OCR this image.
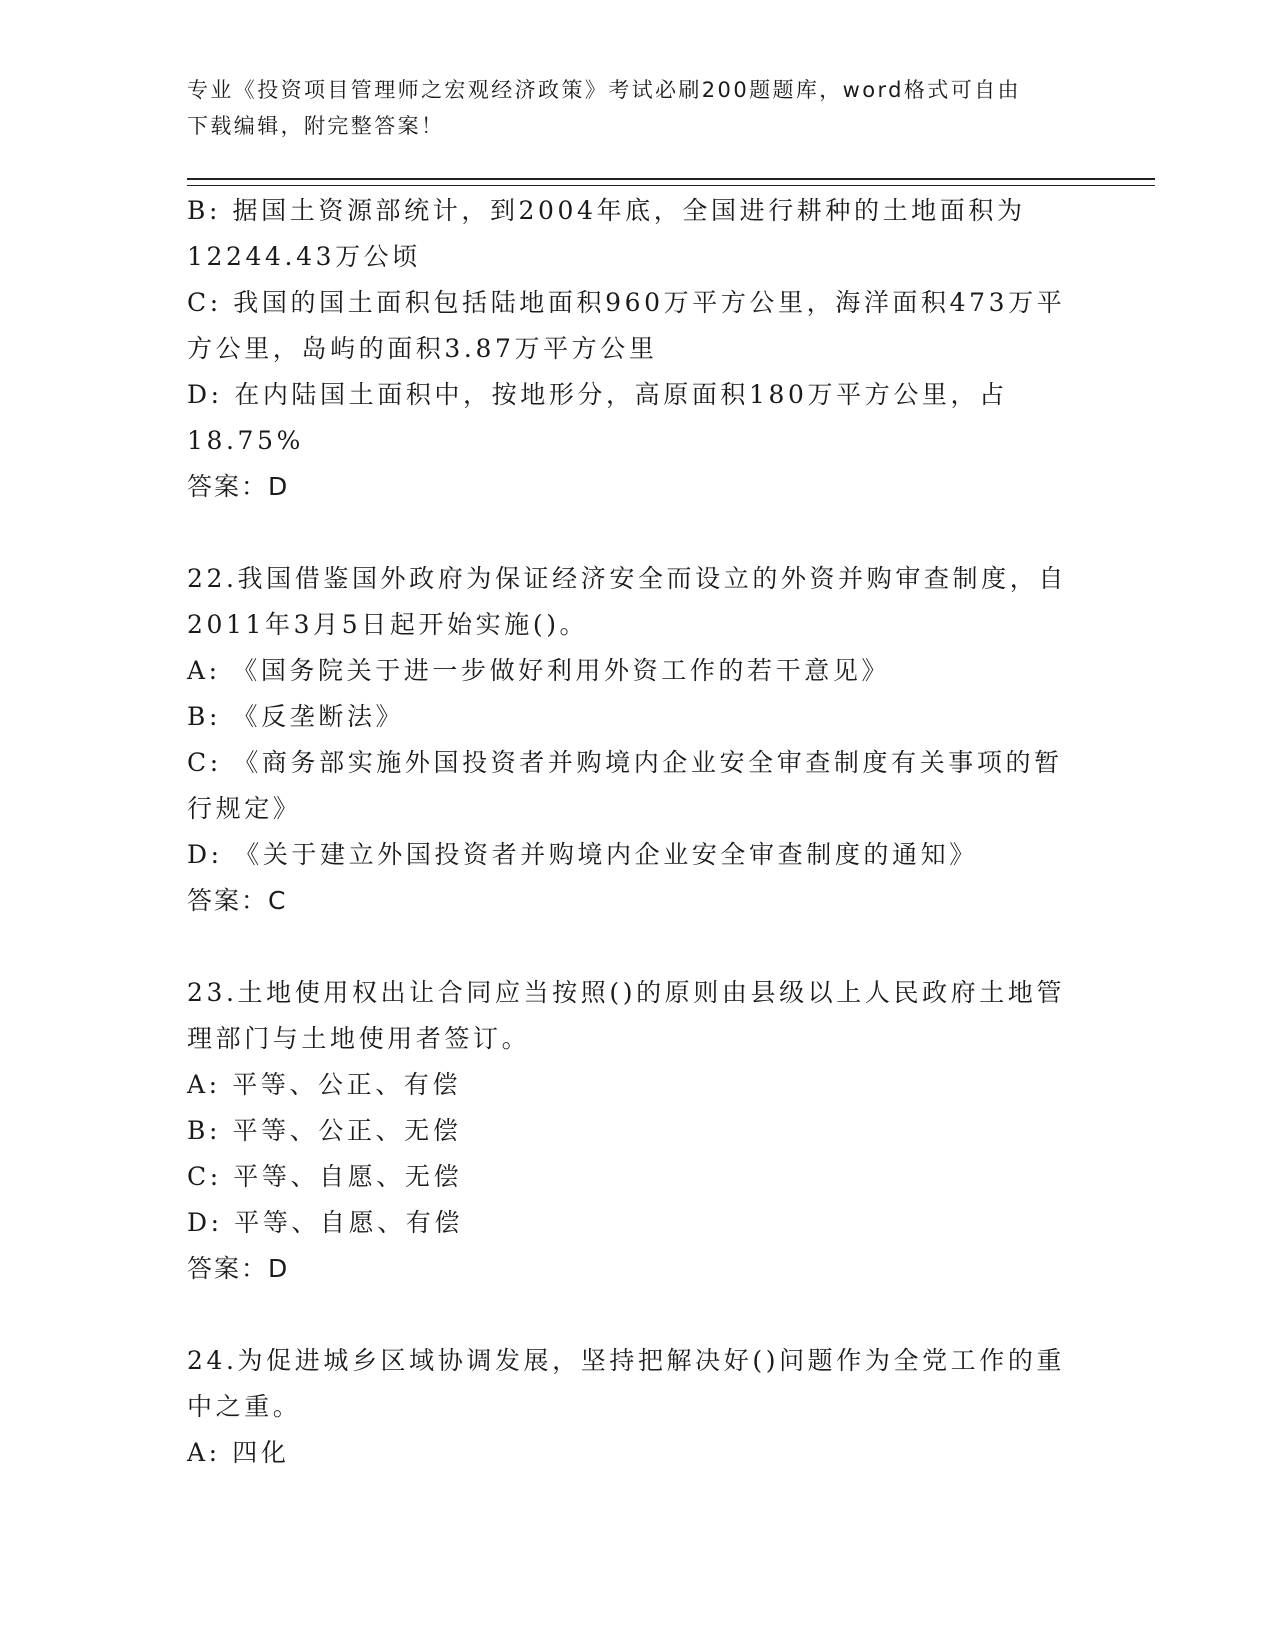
专业《投资项目管理师之宏观经济政策》考试必刷200题题库，word格式可自由
下载编辑，附完整答案！
B: 据国土资源部统计，到2004年底，全国进行耕种的土地面积为
12244.43万公顷
C: 我国的国土面积包括陆地面积960万平方公里，海洋面积473万平
方公里，岛屿的面积3.87万平方公里
D: 在内陆国土面积中，按地形分，高原面积180万平方公里，占
18.75%
答案：D
22.我国借鉴国外政府为保证经济安全而设立的外资并购审查制度，自
2011年3月5日起开始实施()。
A: 《国务院关于进一步做好利用外资工作的若干意见》
B: 《反垄断法》
C: 《商务部实施外国投资者并购境内企业安全审查制度有关事项的暂
行规定》
D: 《关于建立外国投资者并购境内企业安全审查制度的通知》
答案：C
23.土地使用权出让合同应当按照()的原则由县级以上人民政府土地管
理部门与土地使用者签订。
A: 平等、公正、有偿
B: 平等、公正、无偿
C: 平等、自愿、无偿
D: 平等、自愿、有偿
答案：D
24.为促进城乡区域协调发展，坚持把解决好()问题作为全党工作的重
中之重。
A: 四化
